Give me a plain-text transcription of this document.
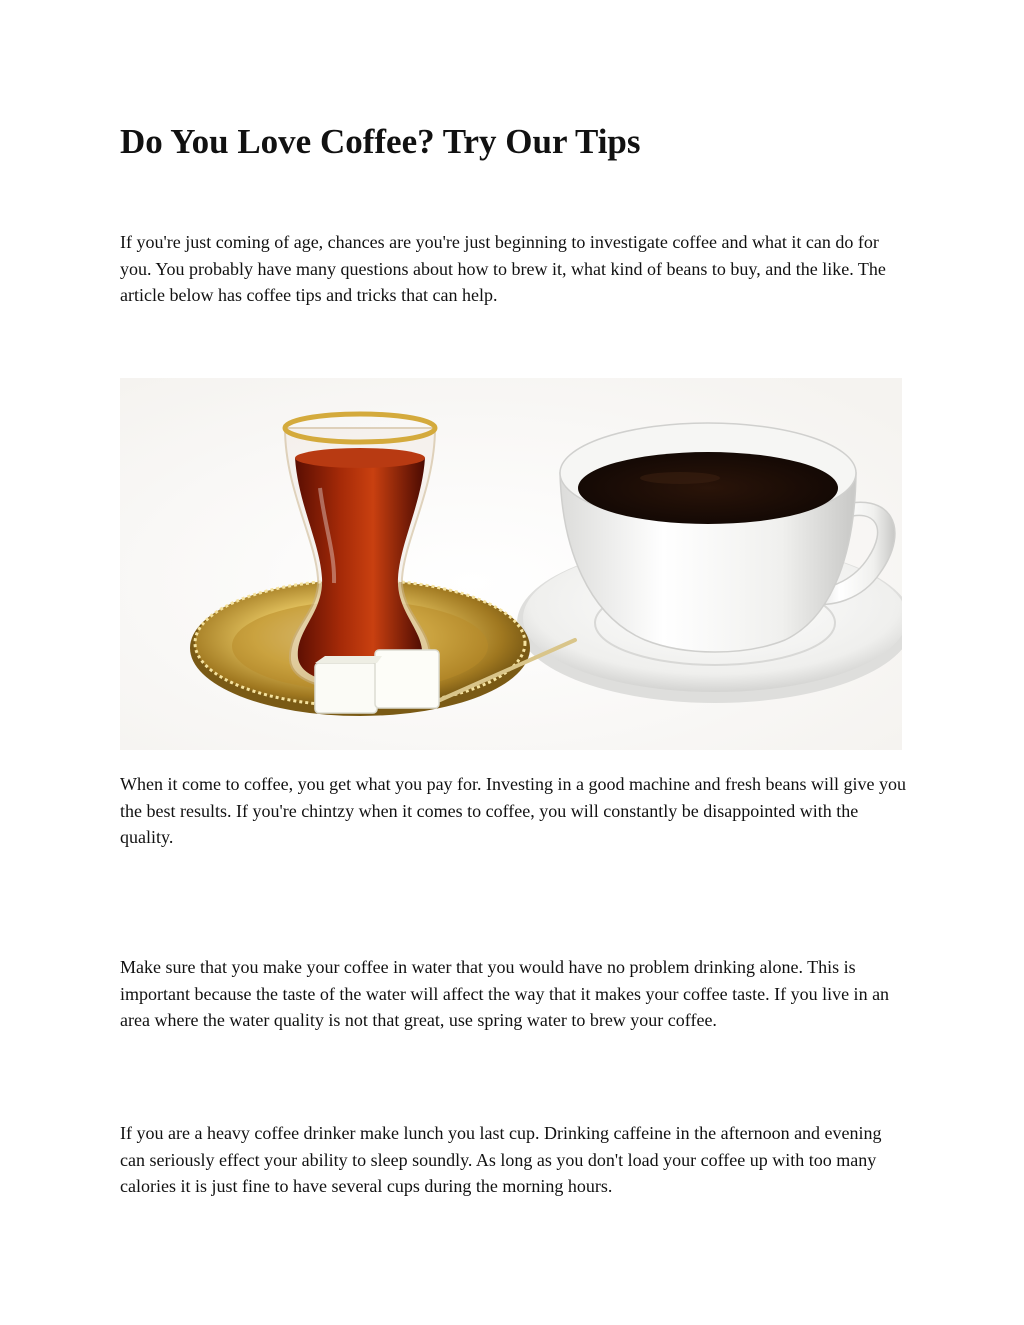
Do You Love Coffee? Try Our Tips

If you're just coming of age, chances are you're just beginning to investigate coffee and what it can do for you. You probably have many questions about how to brew it, what kind of beans to buy, and the like. The article below has coffee tips and tricks that can help.

When it come to coffee, you get what you pay for. Investing in a good machine and fresh beans will give you the best results. If you're chintzy when it comes to coffee, you will constantly be disappointed with the quality.

Make sure that you make your coffee in water that you would have no problem drinking alone. This is important because the taste of the water will affect the way that it makes your coffee taste. If you live in an area where the water quality is not that great, use spring water to brew your coffee.

If you are a heavy coffee drinker make lunch you last cup. Drinking caffeine in the afternoon and evening can seriously effect your ability to sleep soundly. As long as you don't load your coffee up with too many calories it is just fine to have several cups during the morning hours.
